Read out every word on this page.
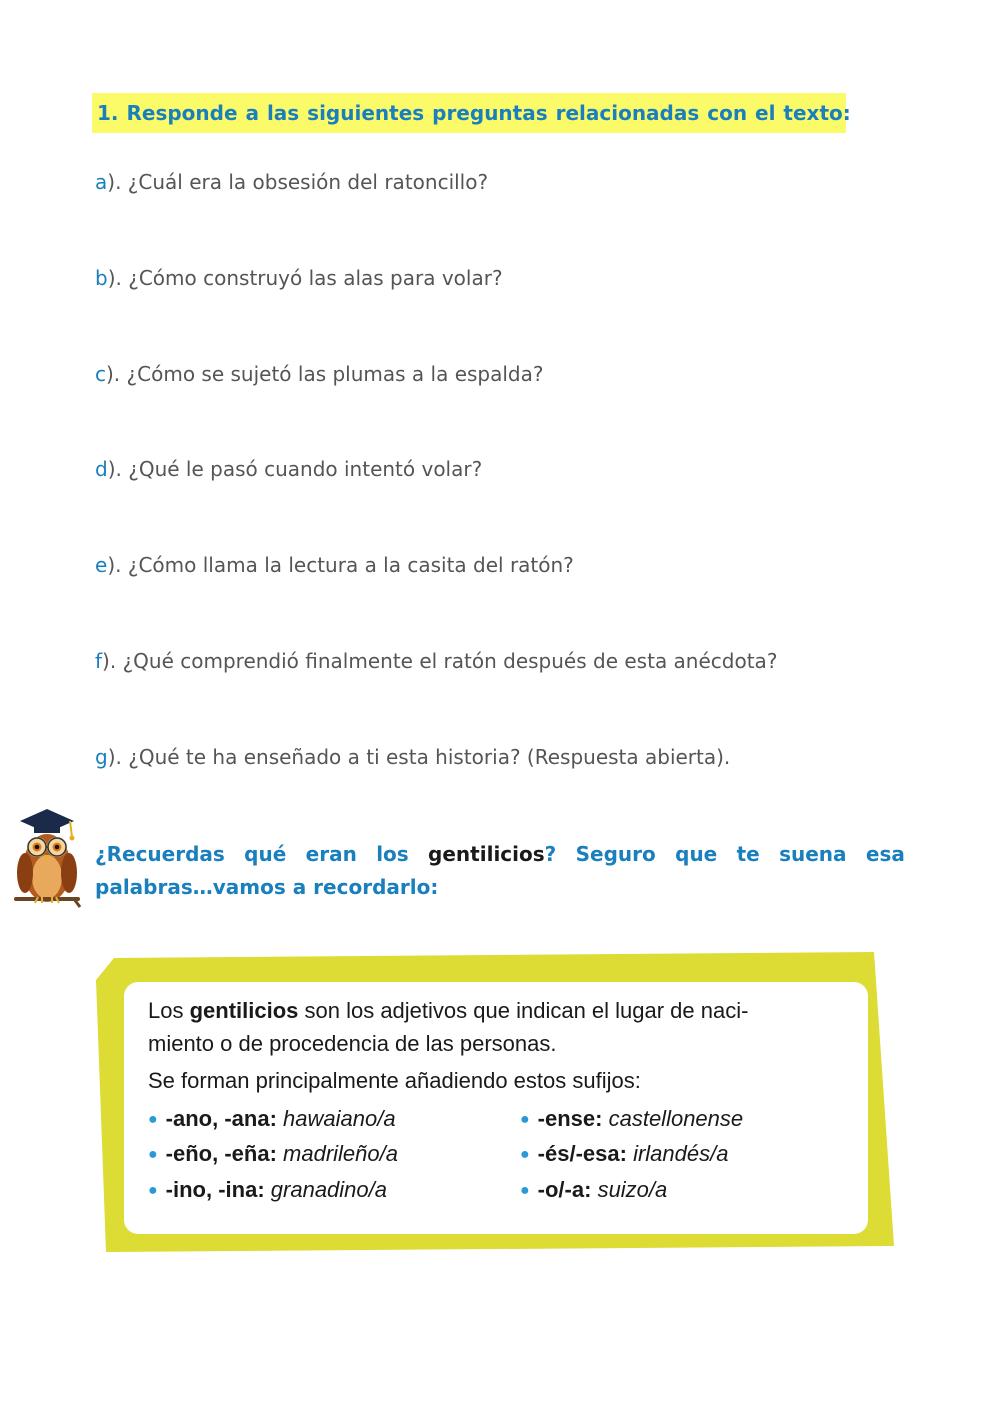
1. Responde a las siguientes preguntas relacionadas con el texto:
a). ¿Cuál era la obsesión del ratoncillo?
b). ¿Cómo construyó las alas para volar?
c). ¿Cómo se sujetó las plumas a la espalda?
d). ¿Qué le pasó cuando intentó volar?
e). ¿Cómo llama la lectura a la casita del ratón?
f). ¿Qué comprendió finalmente el ratón después de esta anécdota?
g). ¿Qué te ha enseñado a ti esta historia? (Respuesta abierta).
¿Recuerdas qué eran los gentilicios? Seguro que te suena esa
palabras…vamos a recordarlo:
Los gentilicios son los adjetivos que indican el lugar de naci-
miento o de procedencia de las personas.
Se forman principalmente añadiendo estos sufijos:
● -ano, -ana: hawaiano/a
● -eño, -eña: madrileño/a
● -ino, -ina: granadino/a
● -ense: castellonense
● -és/-esa: irlandés/a
● -o/-a: suizo/a
